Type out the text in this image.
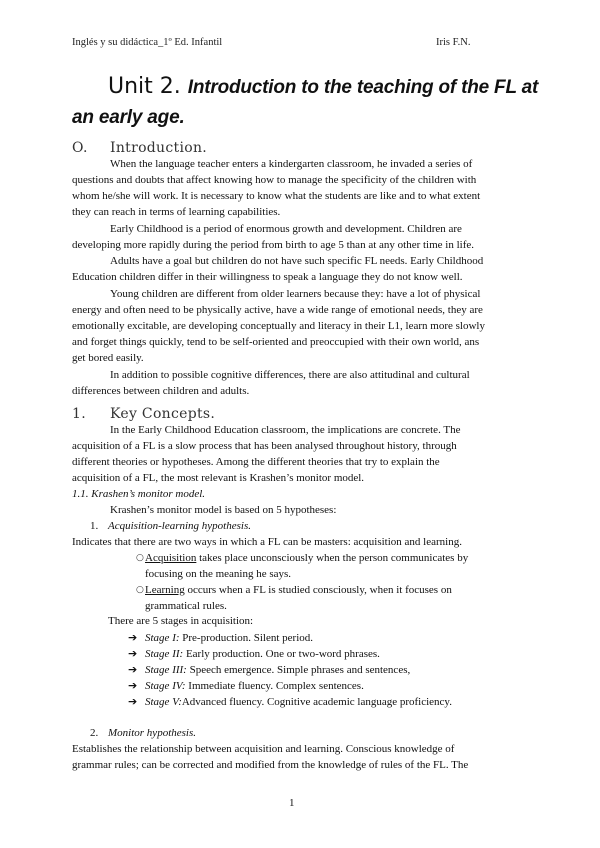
Inglés y su didáctica_1º Ed. Infantil	Iris F.N.
Unit 2. Introduction to the teaching of the FL at
an early age.
O. Introduction.
When the language teacher enters a kindergarten classroom, he invaded a series of
questions and doubts that affect knowing how to manage the specificity of the children with
whom he/she will work. It is necessary to know what the students are like and to what extent
they can reach in terms of learning capabilities.
Early Childhood is a period of enormous growth and development. Children are
developing more rapidly during the period from birth to age 5 than at any other time in life.
Adults have a goal but children do not have such specific FL needs. Early Childhood
Education children differ in their willingness to speak a language they do not know well.
Young children are different from older learners because they: have a lot of physical
energy and often need to be physically active, have a wide range of emotional needs, they are
emotionally excitable, are developing conceptually and literacy in their L1, learn more slowly
and forget things quickly, tend to be self-oriented and preoccupied with their own world, ans
get bored easily.
In addition to possible cognitive differences, there are also attitudinal and cultural
differences between children and adults.
1. Key Concepts.
In the Early Childhood Education classroom, the implications are concrete. The
acquisition of a FL is a slow process that has been analysed throughout history, through
different theories or hypotheses. Among the different theories that try to explain the
acquisition of a FL, the most relevant is Krashen’s monitor model.
1.1. Krashen’s monitor model.
Krashen’s monitor model is based on 5 hypotheses:
1. Acquisition-learning hypothesis.
Indicates that there are two ways in which a FL can be masters: acquisition and learning.
○ Acquisition takes place unconsciously when the person communicates by
focusing on the meaning he says.
○ Learning occurs when a FL is studied consciously, when it focuses on
grammatical rules.
There are 5 stages in acquisition:
➔ Stage I: Pre-production. Silent period.
➔ Stage II: Early production. One or two-word phrases.
➔ Stage III: Speech emergence. Simple phrases and sentences,
➔ Stage IV: Immediate fluency. Complex sentences.
➔ Stage V:Advanced fluency. Cognitive academic language proficiency.
2. Monitor hypothesis.
Establishes the relationship between acquisition and learning. Conscious knowledge of
grammar rules; can be corrected and modified from the knowledge of rules of the FL. The
1
